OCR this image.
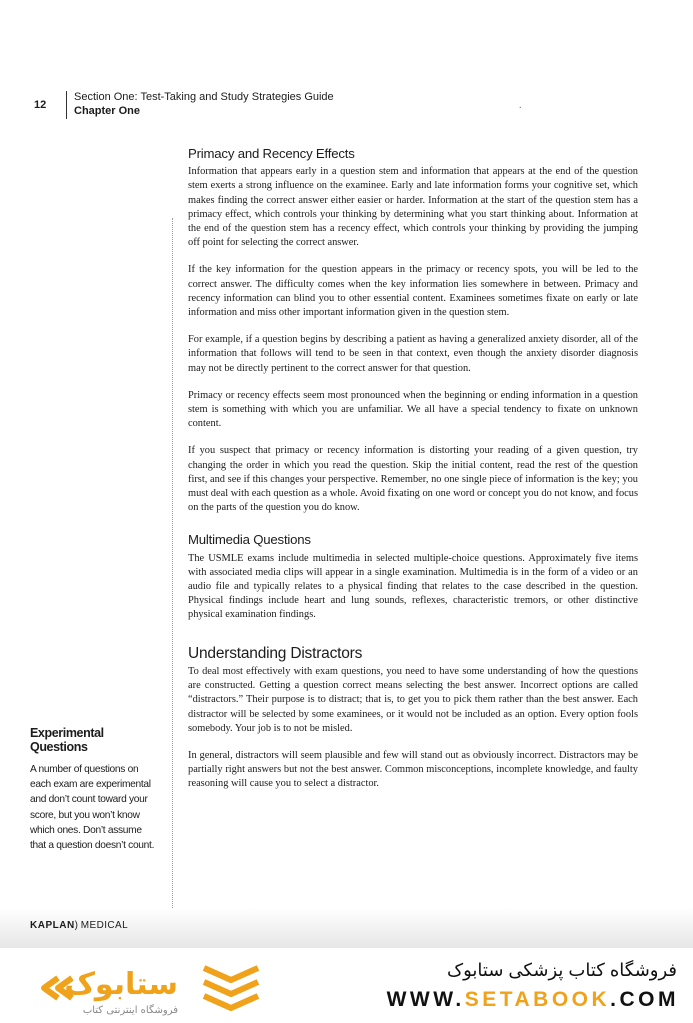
12
Section One: Test-Taking and Study Strategies Guide
Chapter One	.
Primacy and Recency Effects

Information that appears early in a question stem and information that appears at the end of the question stem exerts a strong influence on the examinee. Early and late information forms your cognitive set, which makes finding the correct answer either easier or harder. Information at the start of the question stem has a primacy effect, which controls your thinking by determining what you start thinking about. Information at the end of the question stem has a recency effect, which controls your thinking by providing the jumping off point for selecting the correct answer.

If the key information for the question appears in the primacy or recency spots, you will be led to the correct answer. The difficulty comes when the key information lies somewhere in between. Primacy and recency information can blind you to other essential content. Examinees sometimes fixate on early or late information and miss other important information given in the question stem.

For example, if a question begins by describing a patient as having a generalized anxiety disorder, all of the information that follows will tend to be seen in that context, even though the anxiety disorder diagnosis may not be directly pertinent to the correct answer for that question.

Primacy or recency effects seem most pronounced when the beginning or ending information in a question stem is something with which you are unfamiliar. We all have a special tendency to fixate on unknown content.

If you suspect that primacy or recency information is distorting your reading of a given question, try changing the order in which you read the question. Skip the initial content, read the rest of the question first, and see if this changes your perspective. Remember, no one single piece of information is the key; you must deal with each question as a whole. Avoid fixating on one word or concept you do not know, and focus on the parts of the question you do know.

Multimedia Questions

The USMLE exams include multimedia in selected multiple-choice questions. Approximately five items with associated media clips will appear in a single examination. Multimedia is in the form of a video or an audio file and typically relates to a physical finding that relates to the case described in the question. Physical findings include heart and lung sounds, reflexes, characteristic tremors, or other distinctive physical examination findings.

Understanding Distractors

To deal most effectively with exam questions, you need to have some understanding of how the questions are constructed. Getting a question correct means selecting the best answer. Incorrect options are called “distractors.” Their purpose is to distract; that is, to get you to pick them rather than the best answer. Each distractor will be selected by some examinees, or it would not be included as an option. Every option fools somebody. Your job is to not be misled.

In general, distractors will seem plausible and few will stand out as obviously incorrect. Distractors may be partially right answers but not the best answer. Common misconceptions, incomplete knowledge, and faulty reasoning will cause you to select a distractor.

Experimental Questions

A number of questions on each exam are experimental and don’t count toward your score, but you won’t know which ones. Don’t assume that a question doesn’t count.

KAPLAN) MEDICAL
ستابوک
فروشگاه اینترنتی کتاب
فروشگاه کتاب پزشکی ستابوک
WWW.SETABOOK.COM
